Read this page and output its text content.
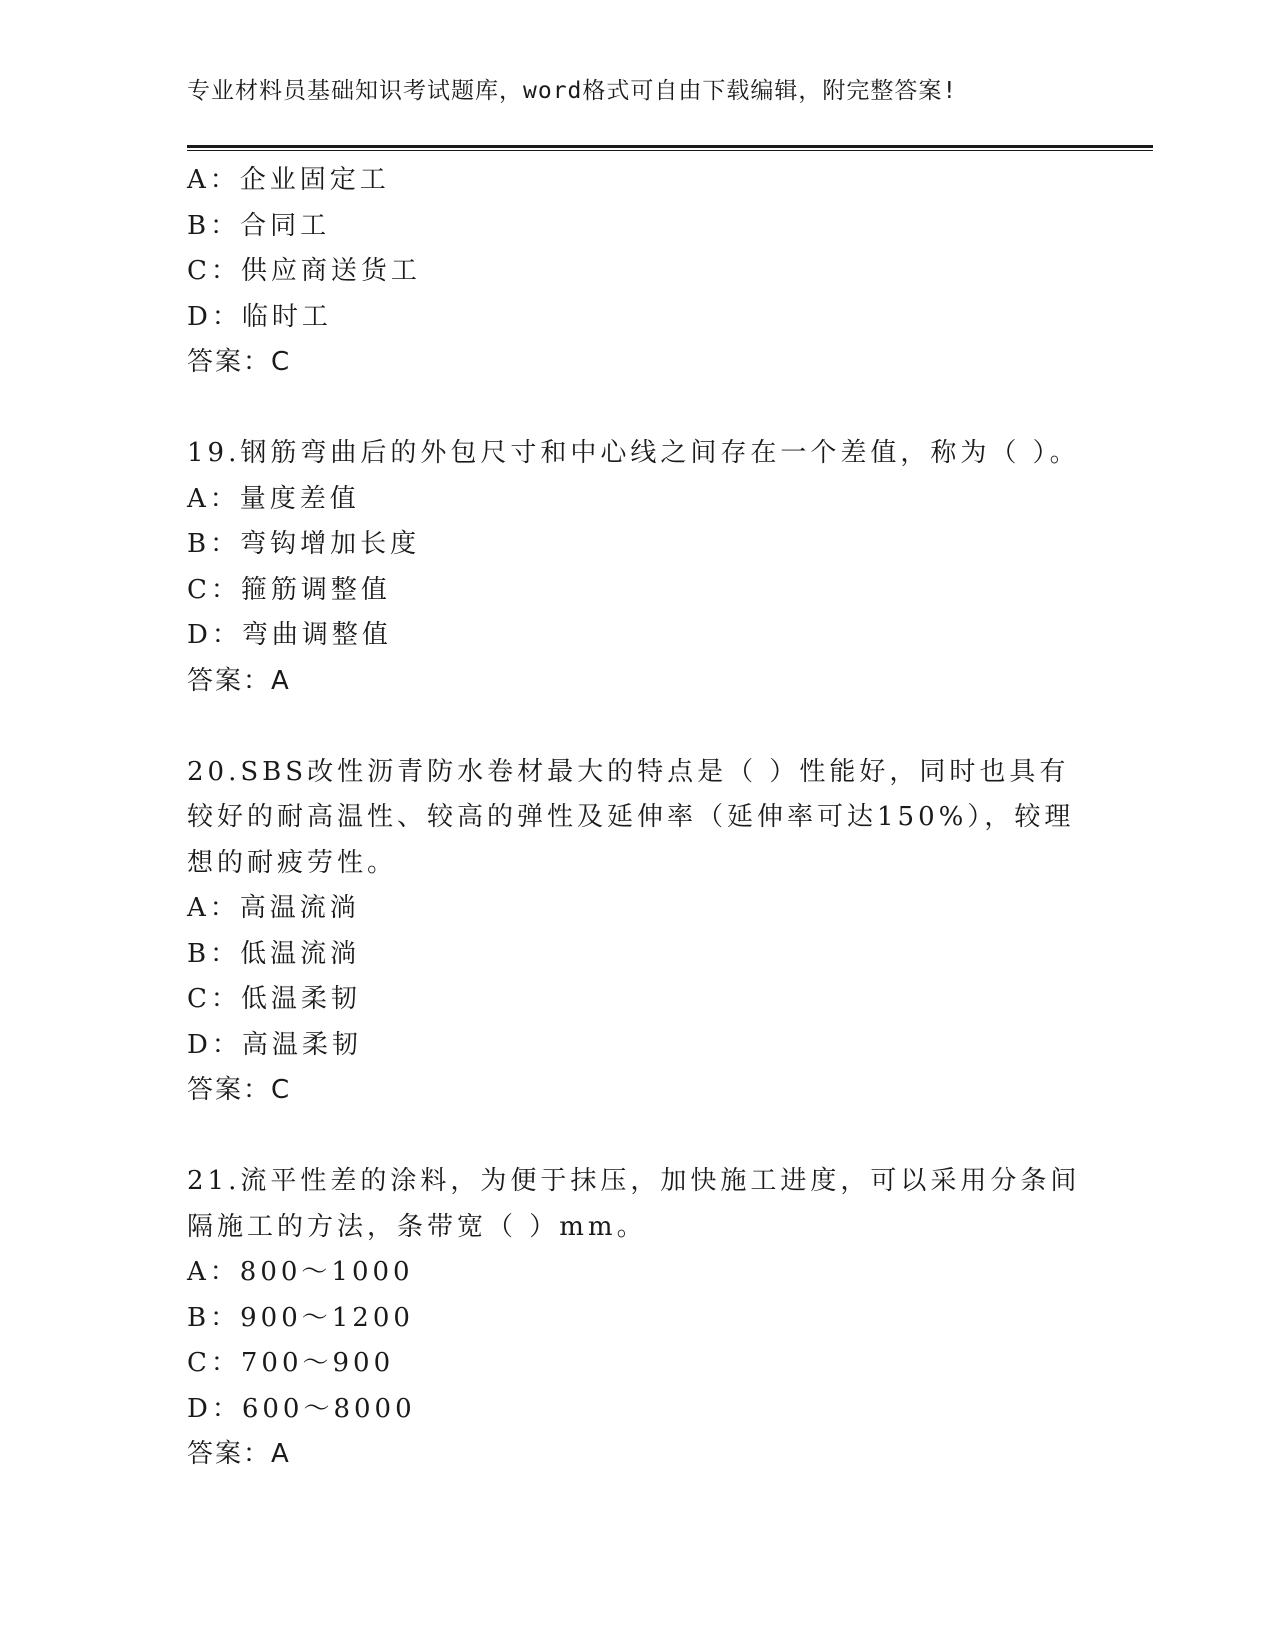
专业材料员基础知识考试题库，word格式可自由下载编辑，附完整答案!
A：企业固定工
B：合同工
C：供应商送货工
D：临时工
答案：C
19.钢筋弯曲后的外包尺寸和中心线之间存在一个差值，称为（ ）。
A：量度差值
B：弯钩增加长度
C：箍筋调整值
D：弯曲调整值
答案：A
20.SBS改性沥青防水卷材最大的特点是（ ）性能好，同时也具有较好的耐高温性、较高的弹性及延伸率（延伸率可达150%），较理想的耐疲劳性。
A：高温流淌
B：低温流淌
C：低温柔韧
D：高温柔韧
答案：C
21.流平性差的涂料，为便于抹压，加快施工进度，可以采用分条间隔施工的方法，条带宽（ ）mm。
A：800～1000
B：900～1200
C：700～900
D：600～8000
答案：A
